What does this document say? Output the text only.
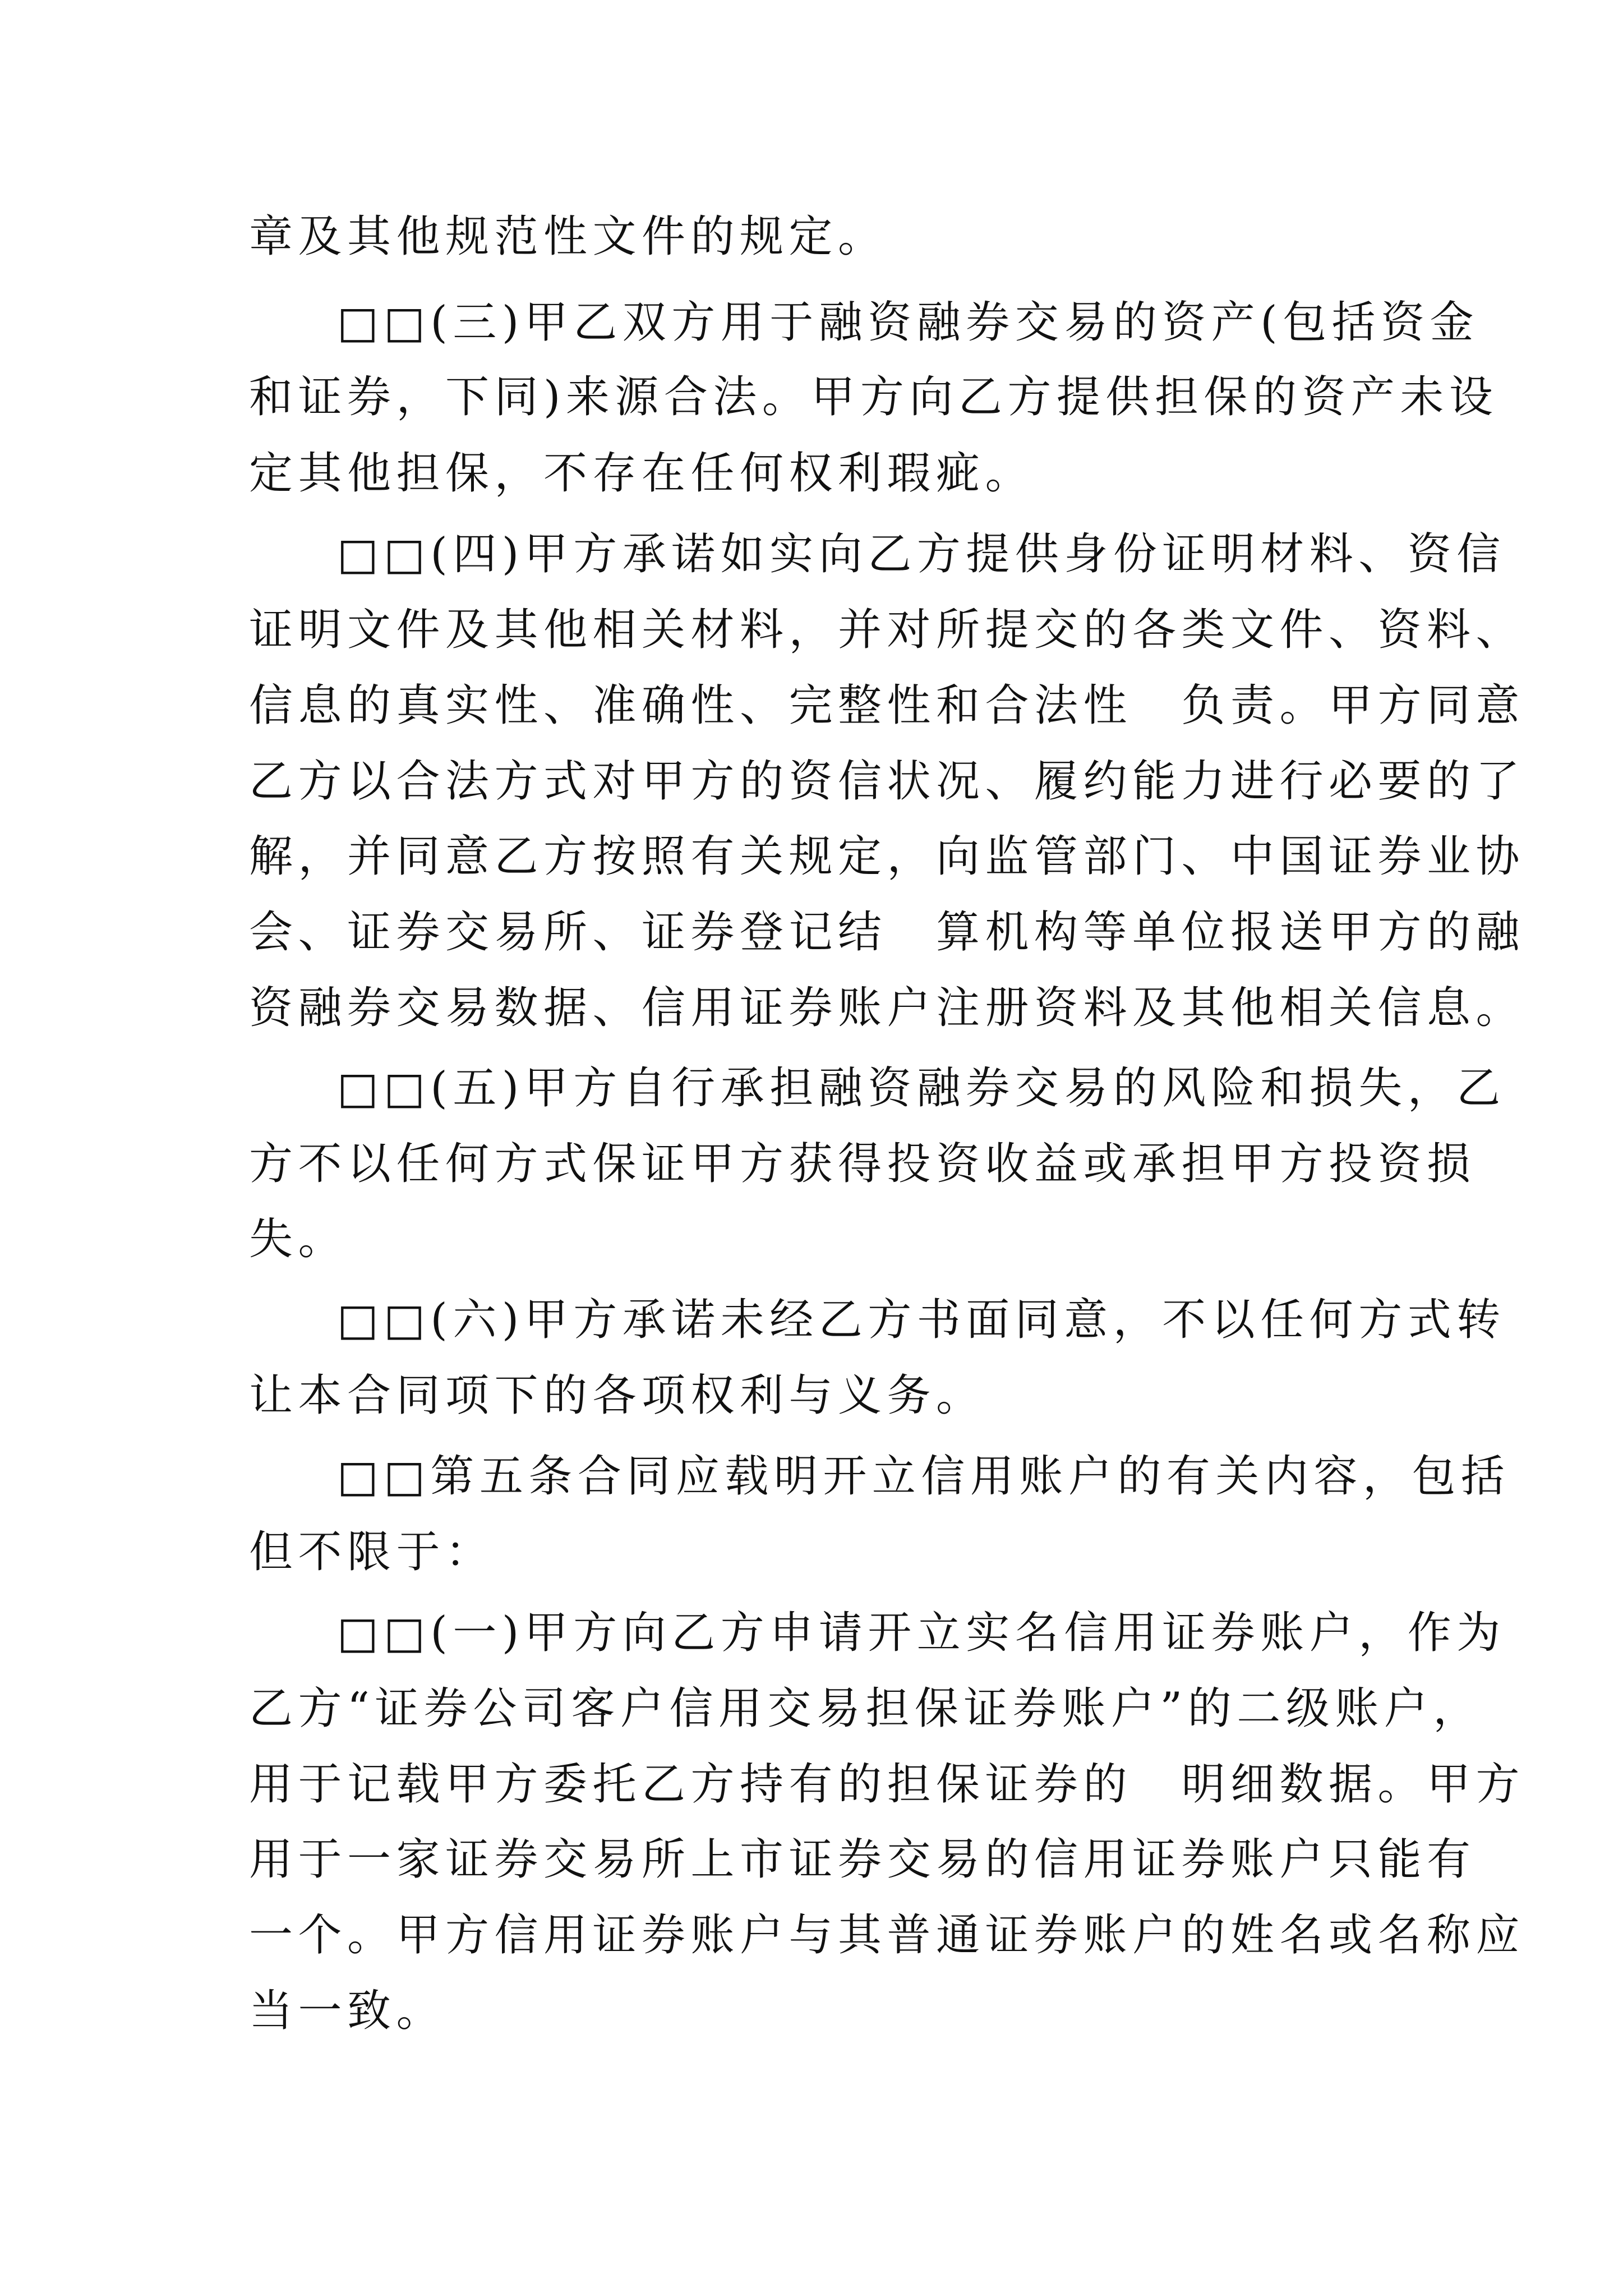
章及其他规范性文件的规定。
□□(三)甲乙双方用于融资融券交易的资产(包括资金
和证券，下同)来源合法。甲方向乙方提供担保的资产未设
定其他担保，不存在任何权利瑕疵。
□□(四)甲方承诺如实向乙方提供身份证明材料、资信
证明文件及其他相关材料，并对所提交的各类文件、资料、
信息的真实性、准确性、完整性和合法性　负责。甲方同意
乙方以合法方式对甲方的资信状况、履约能力进行必要的了
解，并同意乙方按照有关规定，向监管部门、中国证券业协
会、证券交易所、证券登记结　算机构等单位报送甲方的融
资融券交易数据、信用证券账户注册资料及其他相关信息。
□□(五)甲方自行承担融资融券交易的风险和损失，乙
方不以任何方式保证甲方获得投资收益或承担甲方投资损
失。
□□(六)甲方承诺未经乙方书面同意，不以任何方式转
让本合同项下的各项权利与义务。
□□第五条合同应载明开立信用账户的有关内容，包括
但不限于：
□□(一)甲方向乙方申请开立实名信用证券账户，作为
乙方“证券公司客户信用交易担保证券账户”的二级账户，
用于记载甲方委托乙方持有的担保证券的　明细数据。甲方
用于一家证券交易所上市证券交易的信用证券账户只能有
一个。甲方信用证券账户与其普通证券账户的姓名或名称应
当一致。
